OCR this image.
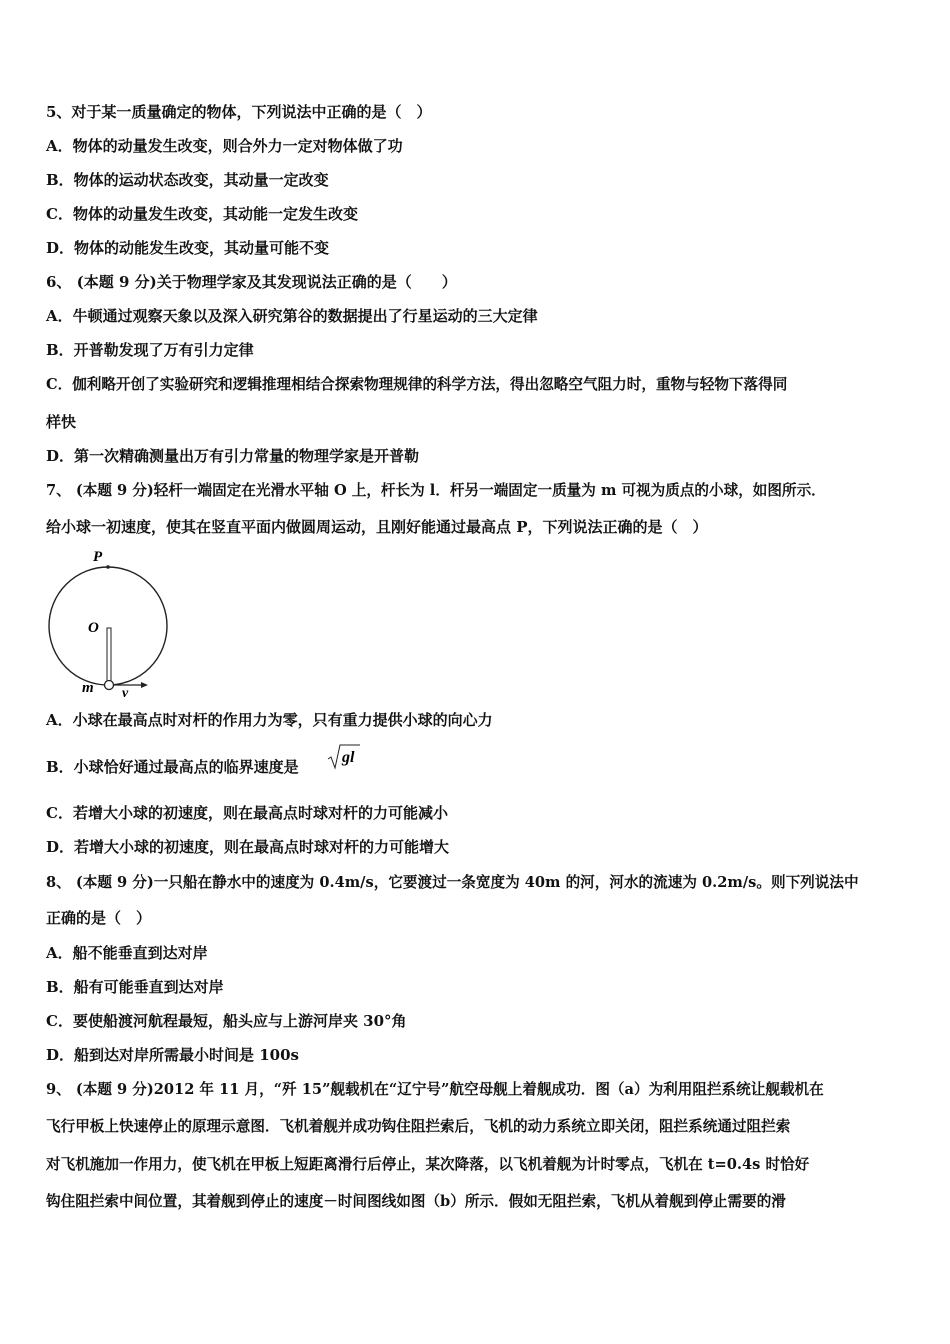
5、对于某一质量确定的物体，下列说法中正确的是（　）
A．物体的动量发生改变，则合外力一定对物体做了功
B．物体的运动状态改变，其动量一定改变
C．物体的动量发生改变，其动能一定发生改变
D．物体的动能发生改变，其动量可能不变
6、 (本题 9 分)关于物理学家及其发现说法正确的是（　　）
A．牛顿通过观察天象以及深入研究第谷的数据提出了行星运动的三大定律
B．开普勒发现了万有引力定律
C．伽利略开创了实验研究和逻辑推理相结合探索物理规律的科学方法，得出忽略空气阻力时，重物与轻物下落得同
样快
D．第一次精确测量出万有引力常量的物理学家是开普勒
7、 (本题 9 分)轻杆一端固定在光滑水平轴 O 上，杆长为 l．杆另一端固定一质量为 m 可视为质点的小球，如图所示．
给小球一初速度，使其在竖直平面内做圆周运动，且刚好能通过最高点 P，下列说法正确的是（　）
P
O
m v
A．小球在最高点时对杆的作用力为零，只有重力提供小球的向心力
B．小球恰好通过最高点的临界速度是
gl
C．若增大小球的初速度，则在最高点时球对杆的力可能减小
D．若增大小球的初速度，则在最高点时球对杆的力可能增大
8、 (本题 9 分)一只船在静水中的速度为 0.4m/s，它要渡过一条宽度为 40m 的河，河水的流速为 0.2m/s。则下列说法中
正确的是（　）
A．船不能垂直到达对岸
B．船有可能垂直到达对岸
C．要使船渡河航程最短，船头应与上游河岸夹 30°角
D．船到达对岸所需最小时间是 100s
9、 (本题 9 分)2012 年 11 月，“歼 15”舰载机在“辽宁号”航空母舰上着舰成功．图（a）为利用阻拦系统让舰载机在
飞行甲板上快速停止的原理示意图．飞机着舰并成功钩住阻拦索后，飞机的动力系统立即关闭，阻拦系统通过阻拦索
对飞机施加一作用力，使飞机在甲板上短距离滑行后停止，某次降落，以飞机着舰为计时零点，飞机在 t=0.4s 时恰好
钩住阻拦索中间位置，其着舰到停止的速度－时间图线如图（b）所示．假如无阻拦索，飞机从着舰到停止需要的滑
